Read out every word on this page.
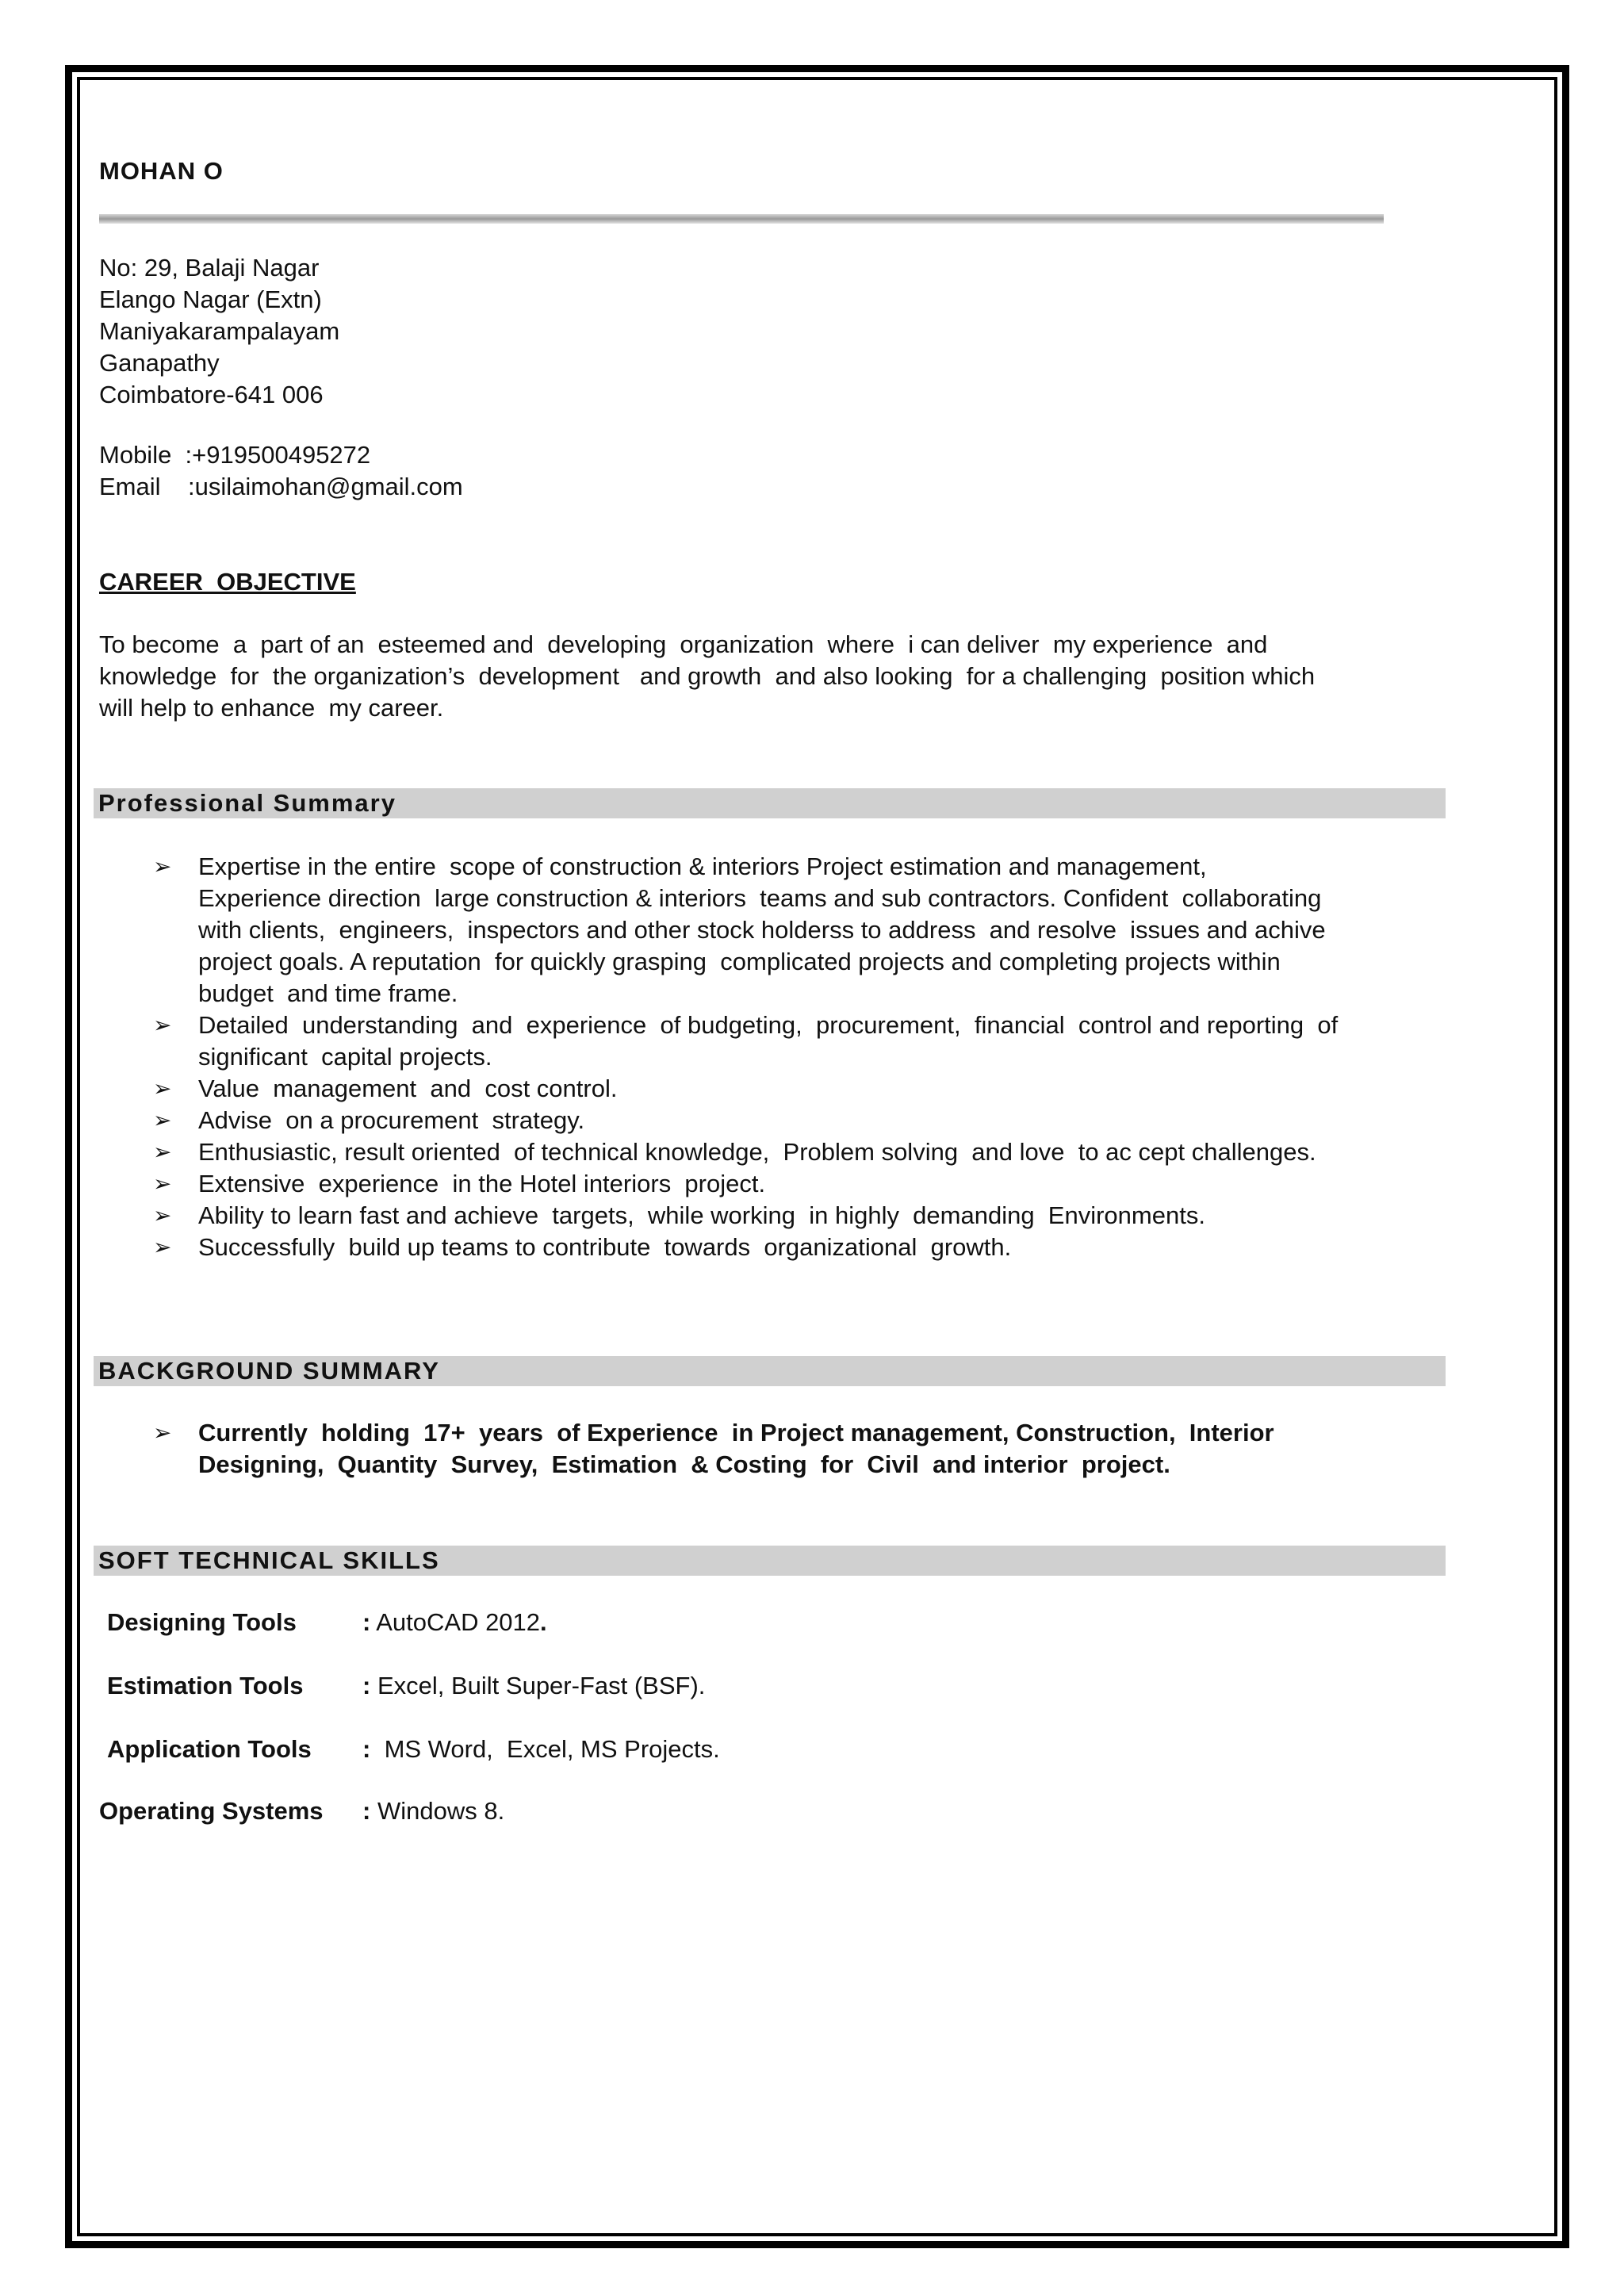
MOHAN O
No: 29, Balaji Nagar
Elango Nagar (Extn)
Maniyakarampalayam
Ganapathy
Coimbatore-641 006
Mobile  :+919500495272
Email    :usilaimohan@gmail.com
CAREER  OBJECTIVE
To become  a  part of an  esteemed and  developing  organization  where  i can deliver  my experience  and
knowledge  for  the organization’s  development   and growth  and also looking  for a challenging  position which
will help to enhance  my career.
Professional Summary
➢ Expertise in the entire  scope of construction & interiors Project estimation and management,
Experience direction  large construction & interiors  teams and sub contractors. Confident  collaborating
with clients,  engineers,  inspectors and other stock holderss to address  and resolve  issues and achive
project goals. A reputation  for quickly grasping  complicated projects and completing projects within
budget  and time frame.
➢ Detailed  understanding  and  experience  of budgeting,  procurement,  financial  control and reporting  of
significant  capital projects.
➢ Value  management  and  cost control.
➢ Advise  on a procurement  strategy.
➢ Enthusiastic, result oriented  of technical knowledge,  Problem solving  and love  to ac cept challenges.
➢ Extensive  experience  in the Hotel interiors  project.
➢ Ability to learn fast and achieve  targets,  while working  in highly  demanding  Environments.
➢ Successfully  build up teams to contribute  towards  organizational  growth.
BACKGROUND SUMMARY
➢ Currently  holding  17+  years  of Experience  in Project management, Construction,  Interior
Designing,  Quantity  Survey,  Estimation  & Costing  for  Civil  and interior  project.
SOFT TECHNICAL SKILLS
Designing Tools	: AutoCAD 2012.
Estimation Tools : Excel, Built Super-Fast (BSF).
Application Tools :  MS Word,  Excel, MS Projects.
Operating Systems : Windows 8.
